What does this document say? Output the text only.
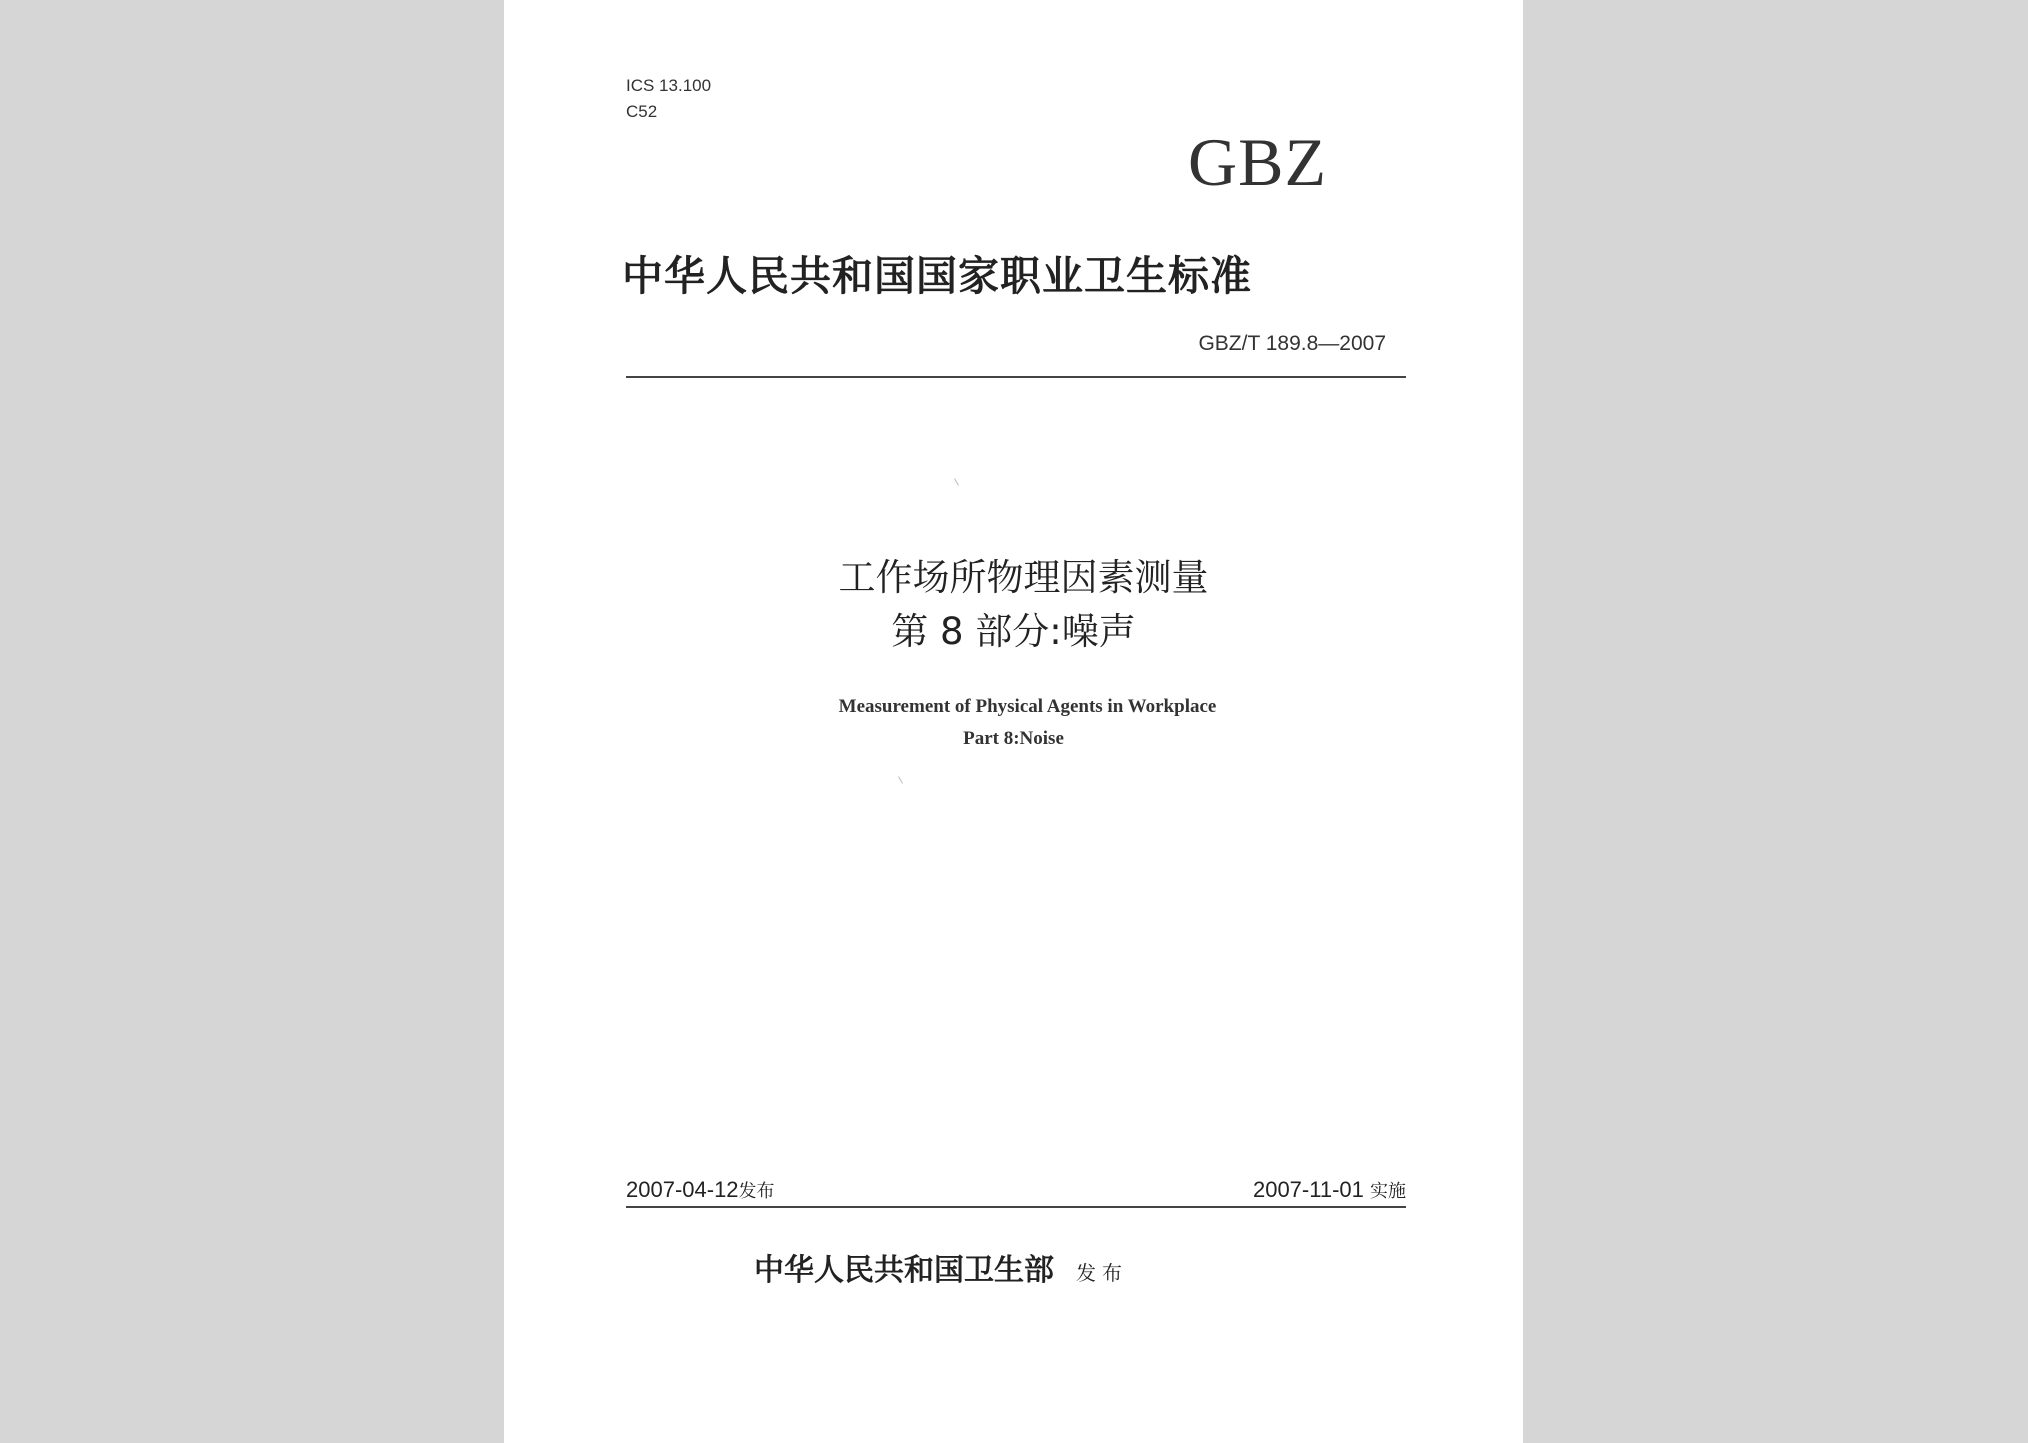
ICS 13.100
C52
GBZ
中华人民共和国国家职业卫生标准
GBZ/T 189.8—2007
工作场所物理因素测量
第 8 部分:噪声
Measurement of Physical Agents in Workplace
Part 8:Noise
2007-04-12发布	2007-11-01 实施
中华人民共和国卫生部 发布
